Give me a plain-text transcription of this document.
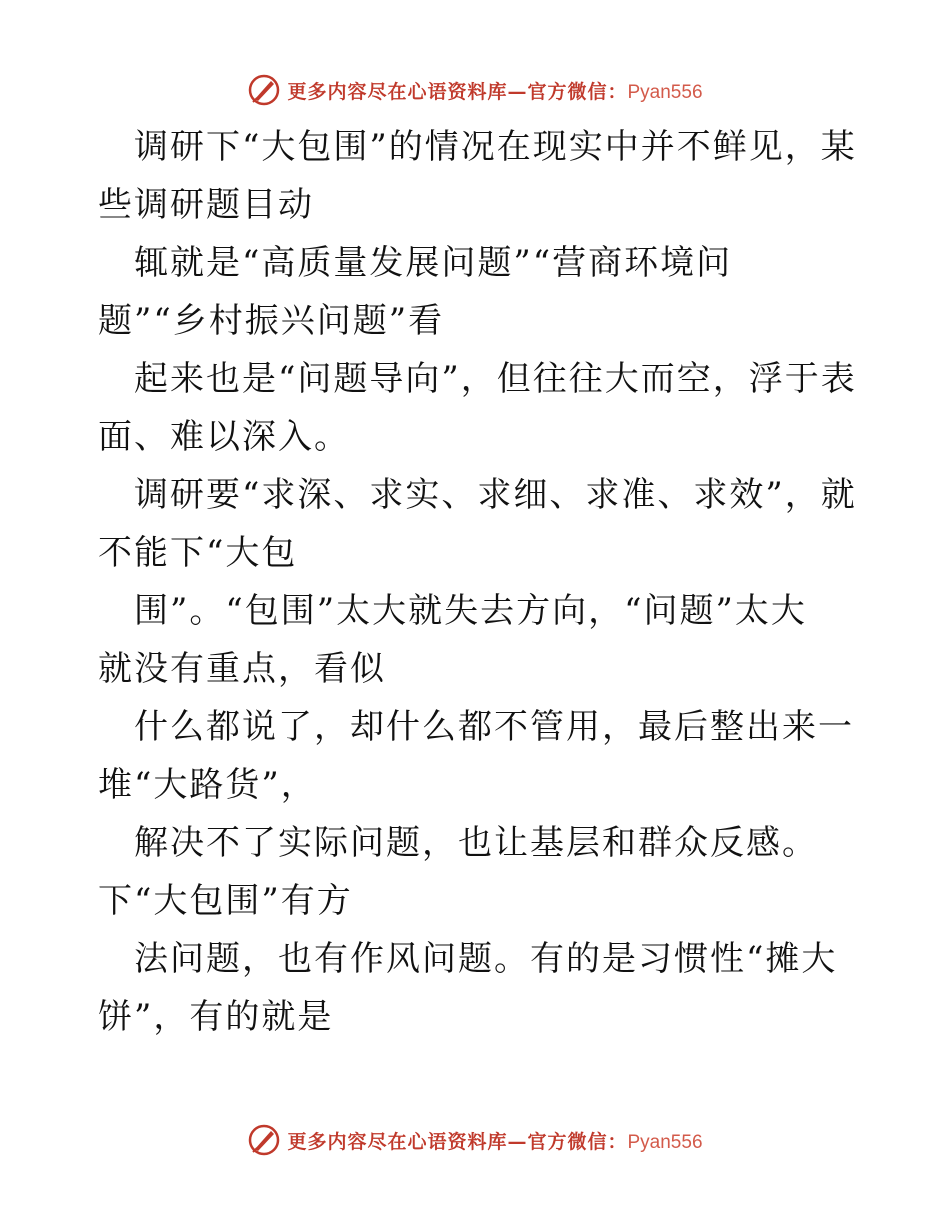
更多内容尽在心语资料库—官方微信：Pyan556
调研下“大包围”的情况在现实中并不鲜见，某
些调研题目动
辄就是“高质量发展问题”“营商环境问
题”“乡村振兴问题”看
起来也是“问题导向”，但往往大而空，浮于表
面、难以深入。
调研要“求深、求实、求细、求准、求效”，就
不能下“大包
围”。“包围”太大就失去方向，“问题”太大
就没有重点，看似
什么都说了，却什么都不管用，最后整出来一
堆“大路货”，
解决不了实际问题，也让基层和群众反感。
下“大包围”有方
法问题，也有作风问题。有的是习惯性“摊大
饼”，有的就是
更多内容尽在心语资料库—官方微信：Pyan556
